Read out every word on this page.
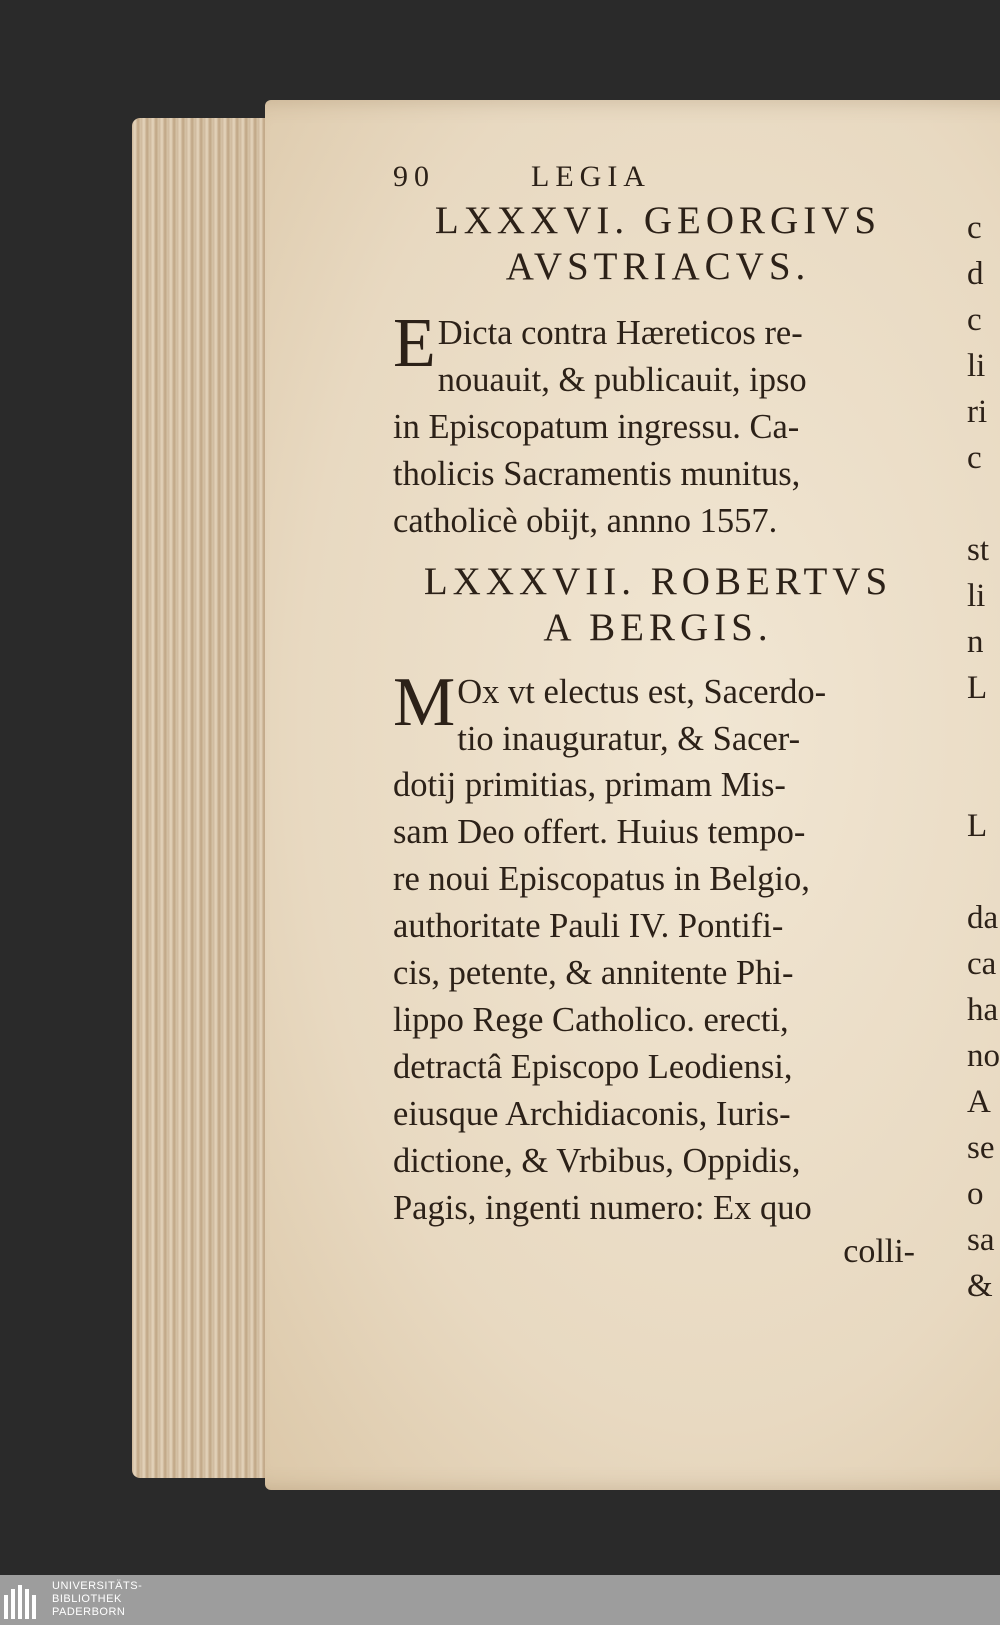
90	LEGIA

LXXXVI. GEORGIVS
AVSTRIACVS.

E Dicta contra Hæreticos re-
nouauit, & publicauit, ipso
in Episcopatum ingressu. Ca-
tholicis Sacramentis munitus,
catholicè obijt, annno 1557.

LXXXVII. ROBERTVS
A BERGIS.

M Ox vt electus est, Sacerdo-
tio inauguratur, & Sacer-
dotij primitias, primam Mis-
sam Deo offert. Huius tempo-
re noui Episcopatus in Belgio,
authoritate Pauli IV. Pontifi-
cis, petente, & annitente Phi-
lippo Rege Catholico. erecti,
detractâ Episcopo Leodiensi,
eiusque Archidiaconis, Iuris-
dictione, & Vrbibus, Oppidis,
Pagis, ingenti numero: Ex quo

colli-
c
d
c
li
ri
c

st
li
n
L

L

da
ca
ha
no
A
se
o
sa
&
UNIVERSITÄTS-
BIBLIOTHEK
PADERBORN
